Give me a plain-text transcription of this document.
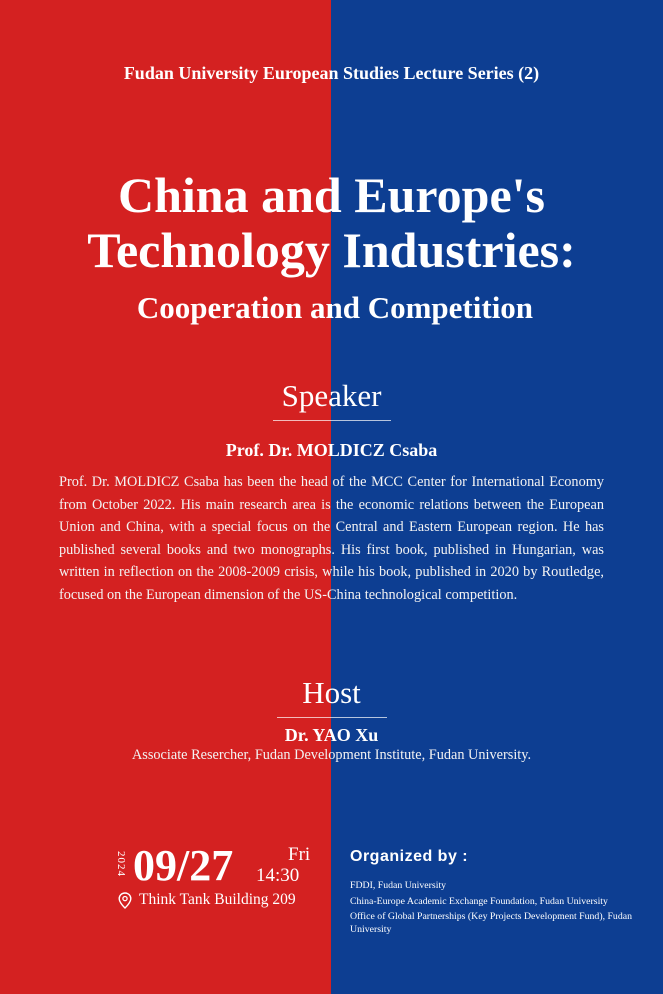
Fudan University European Studies Lecture Series (2)
China and Europe's
Technology Industries:
Cooperation and Competition
Speaker
Prof. Dr. MOLDICZ Csaba
Prof. Dr. MOLDICZ Csaba has been the head of the MCC Center for International Economy from October 2022. His main research area is the economic relations between the European Union and China, with a special focus on the Central and Eastern European region. He has published several books and two monographs. His first book, published in Hungarian, was written in reflection on the 2008-2009 crisis, while his book, published in 2020 by Routledge, focused on the European dimension of the US-China technological competition.
Host
Dr. YAO Xu
Associate Resercher, Fudan Development Institute, Fudan University.
2024 09/27	Fri
14:30
Think Tank Building 209
Organized by :
FDDI, Fudan University
China-Europe Academic Exchange Foundation, Fudan University
Office of Global Partnerships (Key Projects Development Fund), Fudan University
